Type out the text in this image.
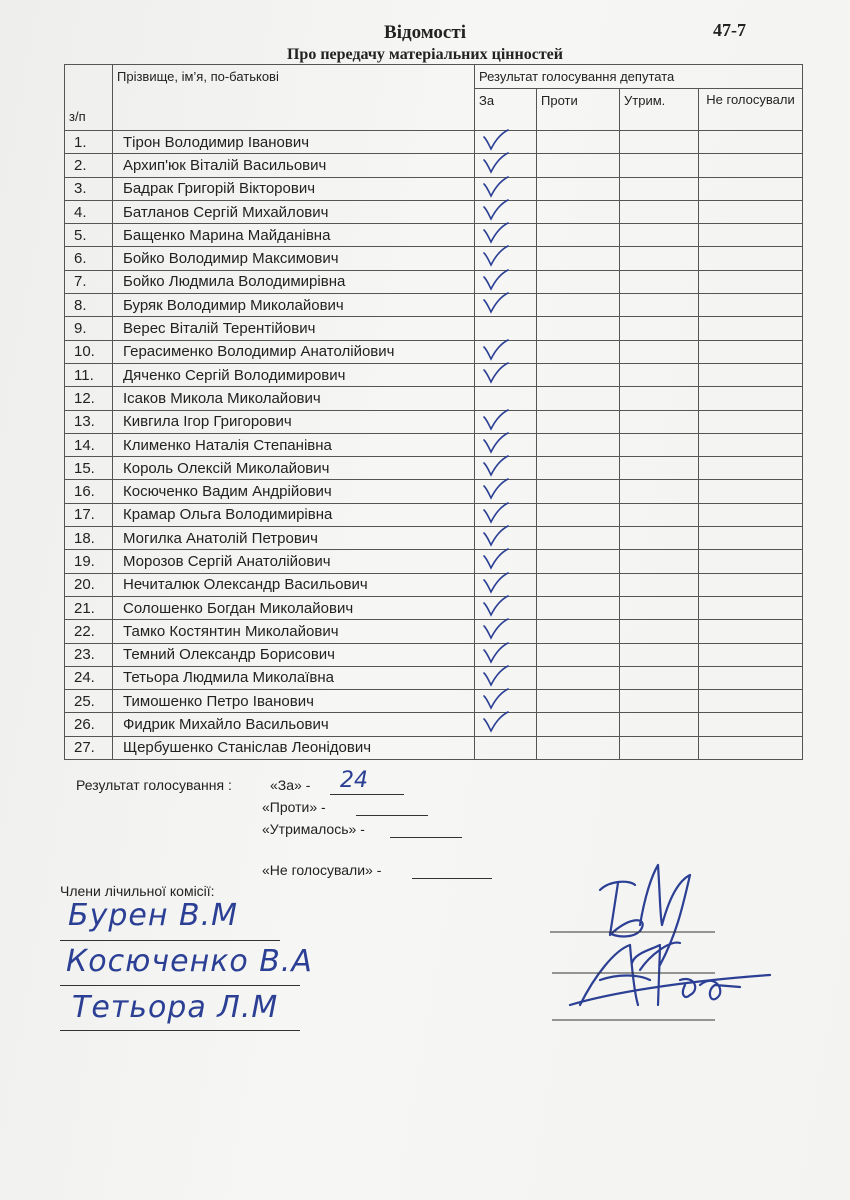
Відомості
Про передачу матеріальних цінностей
47-7
з/п	Прізвище, ім’я, по-батькові	Результат голосування депутата			
		За	Проти	Утрим.	Не голосували
1.	Тірон Володимир Іванович	

2.	Архип'юк Віталій Васильович	

3.	Бадрак Григорій Вікторович	

4.	Батланов Сергій Михайлович	

5.	Бащенко Марина Майданівна	

6.	Бойко Володимир Максимович	

7.	Бойко Людмила Володимирівна	

8.	Буряк Володимир Миколайович	

9.	Верес Віталій Терентійович				
10.	Герасименко Володимир Анатолійович	

11.	Дяченко Сергій Володимирович	

12.	Ісаков Микола Миколайович				
13.	Кивгила Ігор Григорович	

14.	Клименко Наталія Степанівна	

15.	Король Олексій Миколайович	

16.	Косюченко Вадим Андрійович	

17.	Крамар Ольга Володимирівна	

18.	Могилка Анатолій Петрович	

19.	Морозов Сергій Анатолійович	

20.	Нечиталюк Олександр Васильович	

21.	Солошенко Богдан Миколайович	

22.	Тамко Костянтин Миколайович	

23.	Темний Олександр Борисович	

24.	Тетьора Людмила Миколаївна	

25.	Тимошенко Петро Іванович	

26.	Фидрик Михайло Васильович	

27.	Щербушенко Станіслав Леонідович				
Результат голосування :	«За» - 24
«Проти» -
«Утрималось» -
«Не голосували» -
Члени лічильної комісії:
Бурен В.М
Косюченко В.А
Тетьора Л.М
